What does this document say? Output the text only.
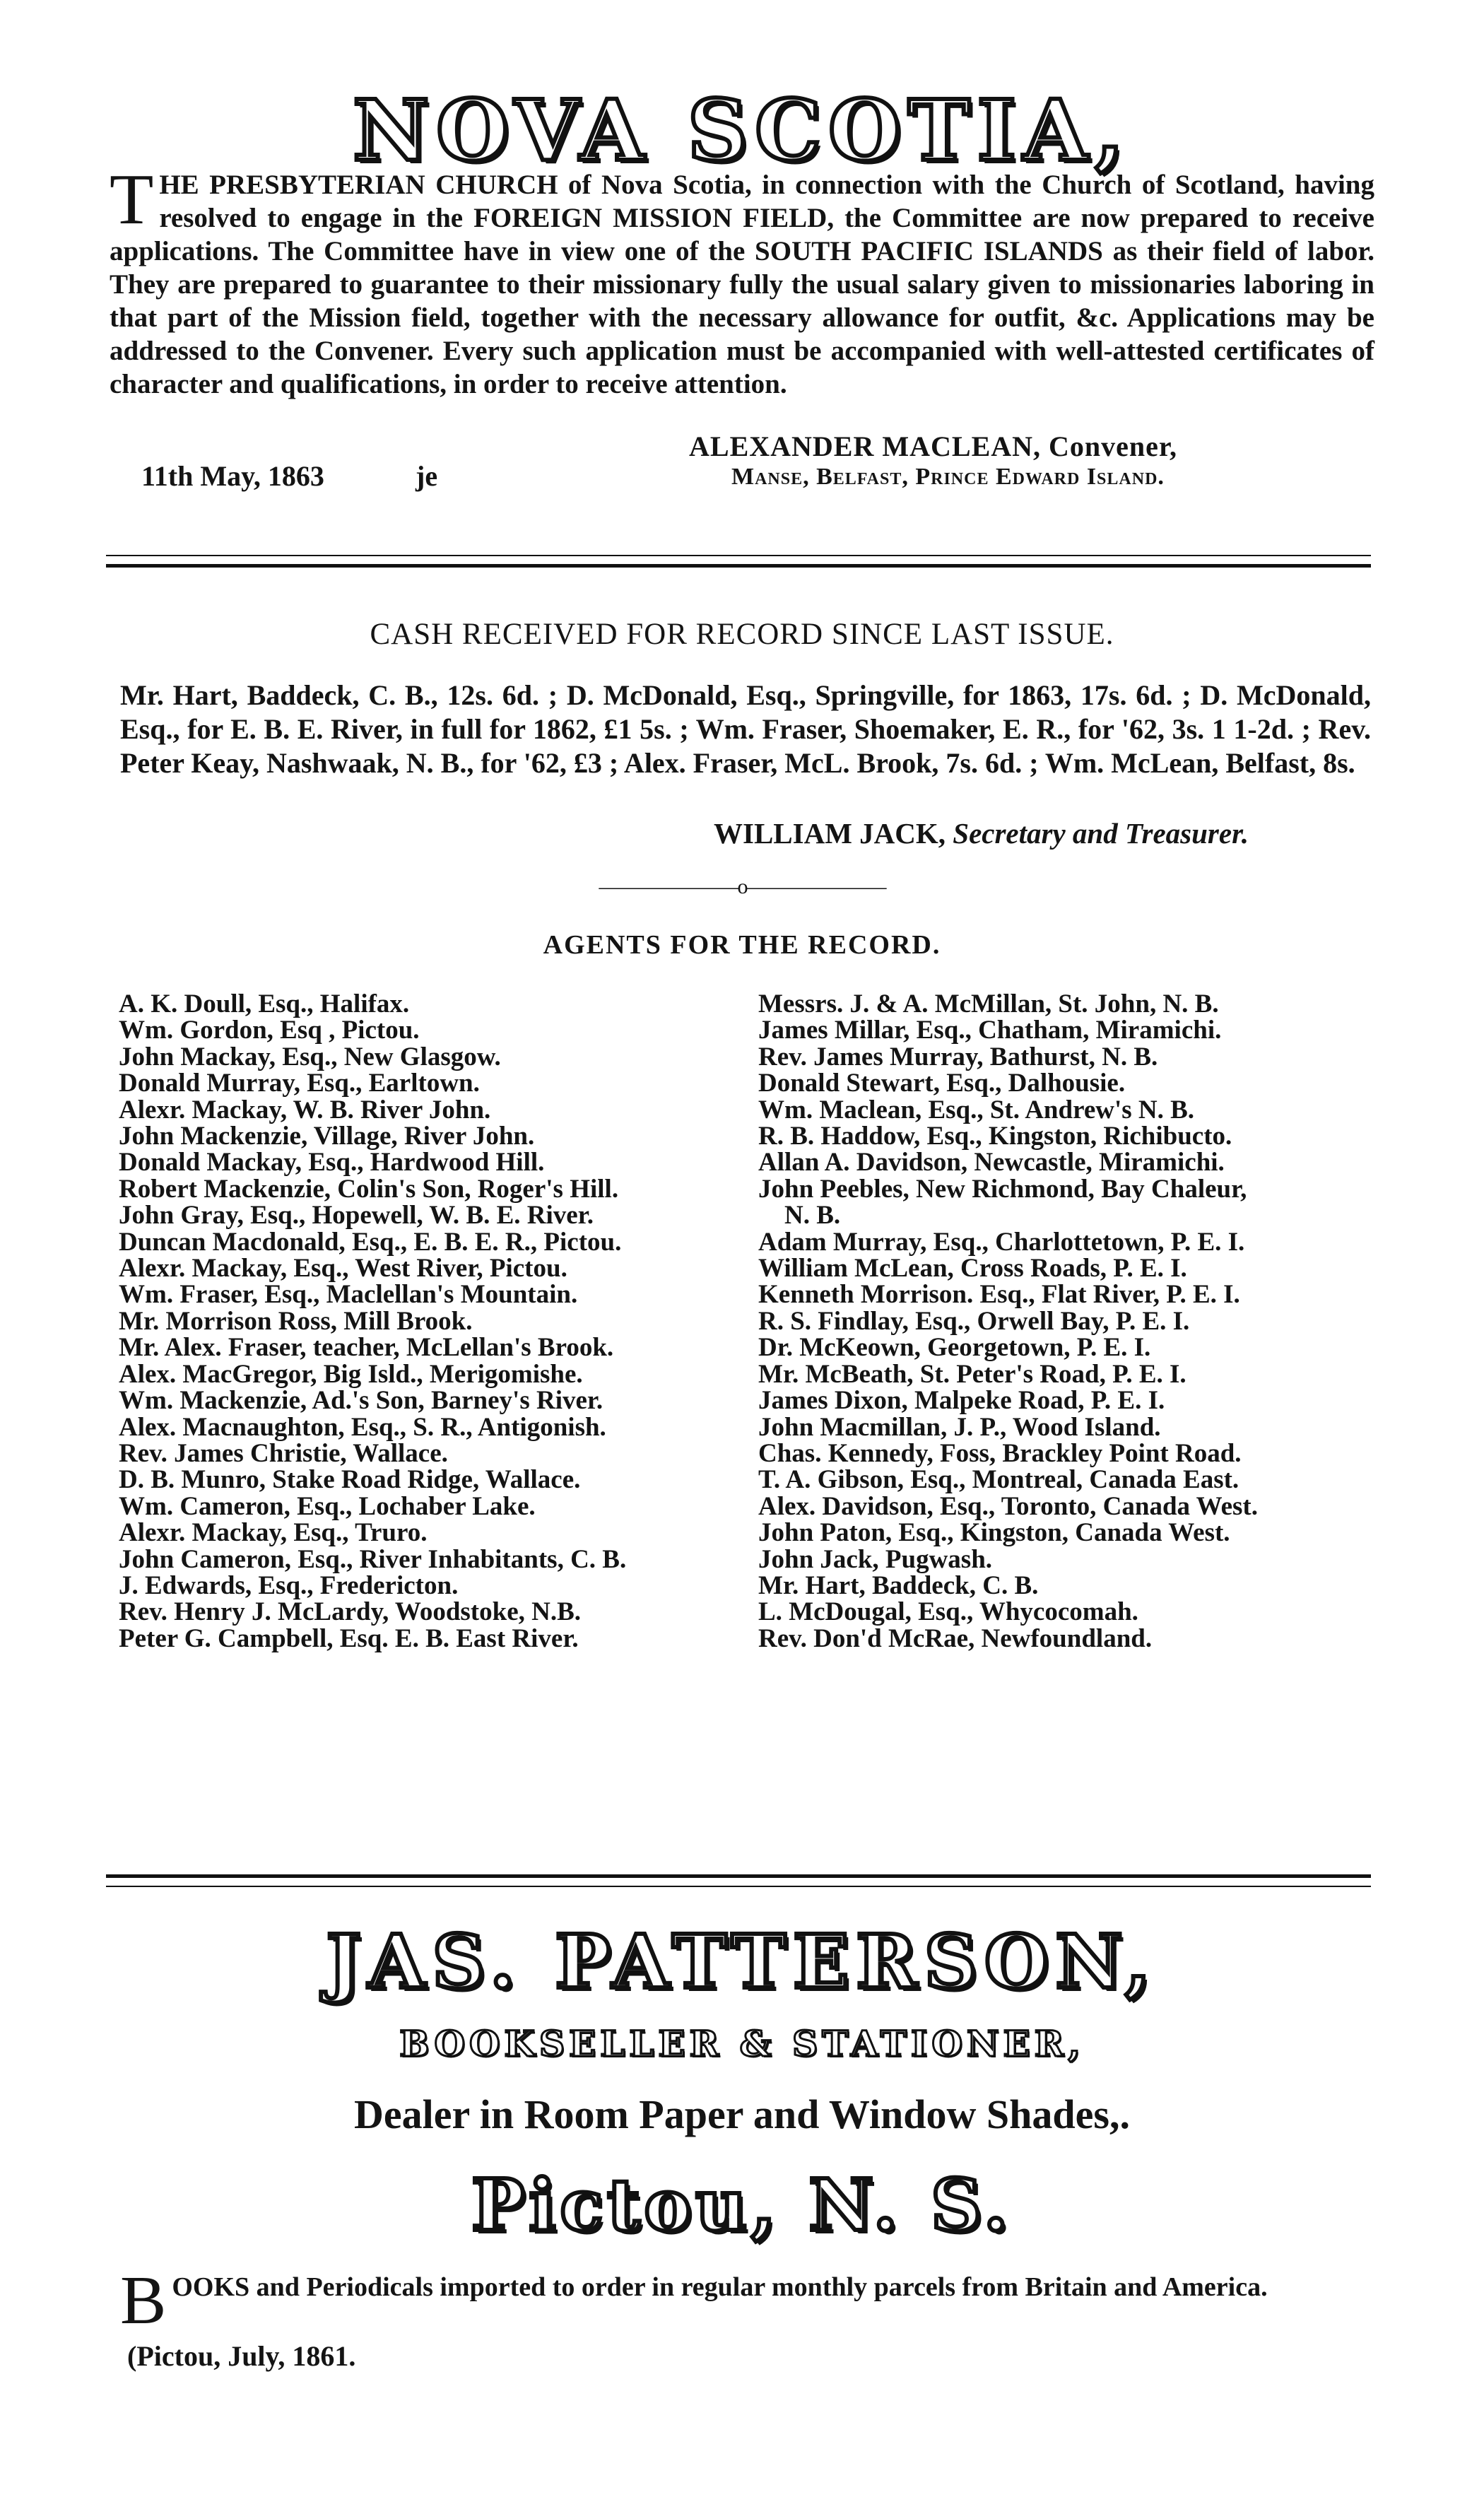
NOVA SCOTIA,
THE PRESBYTERIAN CHURCH of Nova Scotia, in connection with the Church of Scotland, having resolved to engage in the FOREIGN MISSION FIELD, the Committee are now prepared to receive applications. The Committee have in view one of the SOUTH PACIFIC ISLANDS as their field of labor. They are prepared to guarantee to their missionary fully the usual salary given to missionaries laboring in that part of the Mission field, together with the necessary allowance for outfit, &c. Applications may be addressed to the Convener. Every such application must be accompanied with well-attested certificates of character and qualifications, in order to receive attention.
ALEXANDER MACLEAN, Convener,
11th May, 1863	je	Manse, Belfast, Prince Edward Island.
CASH RECEIVED FOR RECORD SINCE LAST ISSUE.
Mr. Hart, Baddeck, C. B., 12s. 6d. ; D. McDonald, Esq., Springville, for 1863, 17s. 6d. ; D. McDonald, Esq., for E. B. E. River, in full for 1862, £1 5s. ; Wm. Fraser, Shoemaker, E. R., for '62, 3s. 1 1-2d. ; Rev. Peter Keay, Nashwaak, N. B., for '62, £3 ; Alex. Fraser, McL. Brook, 7s. 6d. ; Wm. McLean, Belfast, 8s.
WILLIAM JACK, Secretary and Treasurer.
———————o———————
AGENTS FOR THE RECORD.
A. K. Doull, Esq., Halifax.
Wm. Gordon, Esq , Pictou.
John Mackay, Esq., New Glasgow.
Donald Murray, Esq., Earltown.
Alexr. Mackay, W. B. River John.
John Mackenzie, Village, River John.
Donald Mackay, Esq., Hardwood Hill.
Robert Mackenzie, Colin's Son, Roger's Hill.
John Gray, Esq., Hopewell, W. B. E. River.
Duncan Macdonald, Esq., E. B. E. R., Pictou.
Alexr. Mackay, Esq., West River, Pictou.
Wm. Fraser, Esq., Maclellan's Mountain.
Mr. Morrison Ross, Mill Brook.
Mr. Alex. Fraser, teacher, McLellan's Brook.
Alex. MacGregor, Big Isld., Merigomishe.
Wm. Mackenzie, Ad.'s Son, Barney's River.
Alex. Macnaughton, Esq., S. R., Antigonish.
Rev. James Christie, Wallace.
D. B. Munro, Stake Road Ridge, Wallace.
Wm. Cameron, Esq., Lochaber Lake.
Alexr. Mackay, Esq., Truro.
John Cameron, Esq., River Inhabitants, C. B.
J. Edwards, Esq., Fredericton.
Rev. Henry J. McLardy, Woodstoke, N.B.
Peter G. Campbell, Esq. E. B. East River.
Messrs. J. & A. McMillan, St. John, N. B.
James Millar, Esq., Chatham, Miramichi.
Rev. James Murray, Bathurst, N. B.
Donald Stewart, Esq., Dalhousie.
Wm. Maclean, Esq., St. Andrew's N. B.
R. B. Haddow, Esq., Kingston, Richibucto.
Allan A. Davidson, Newcastle, Miramichi.
John Peebles, New Richmond, Bay Chaleur,
N. B.
Adam Murray, Esq., Charlottetown, P. E. I.
William McLean, Cross Roads, P. E. I.
Kenneth Morrison. Esq., Flat River, P. E. I.
R. S. Findlay, Esq., Orwell Bay, P. E. I.
Dr. McKeown, Georgetown, P. E. I.
Mr. McBeath, St. Peter's Road, P. E. I.
James Dixon, Malpeke Road, P. E. I.
John Macmillan, J. P., Wood Island.
Chas. Kennedy, Foss, Brackley Point Road.
T. A. Gibson, Esq., Montreal, Canada East.
Alex. Davidson, Esq., Toronto, Canada West.
John Paton, Esq., Kingston, Canada West.
John Jack, Pugwash.
Mr. Hart, Baddeck, C. B.
L. McDougal, Esq., Whycocomah.
Rev. Don'd McRae, Newfoundland.
JAS. PATTERSON,
BOOKSELLER & STATIONER,
Dealer in Room Paper and Window Shades,.
Pictou, N. S.
BOOKS and Periodicals imported to order in regular monthly parcels from Britain and America.
(Pictou, July, 1861.
